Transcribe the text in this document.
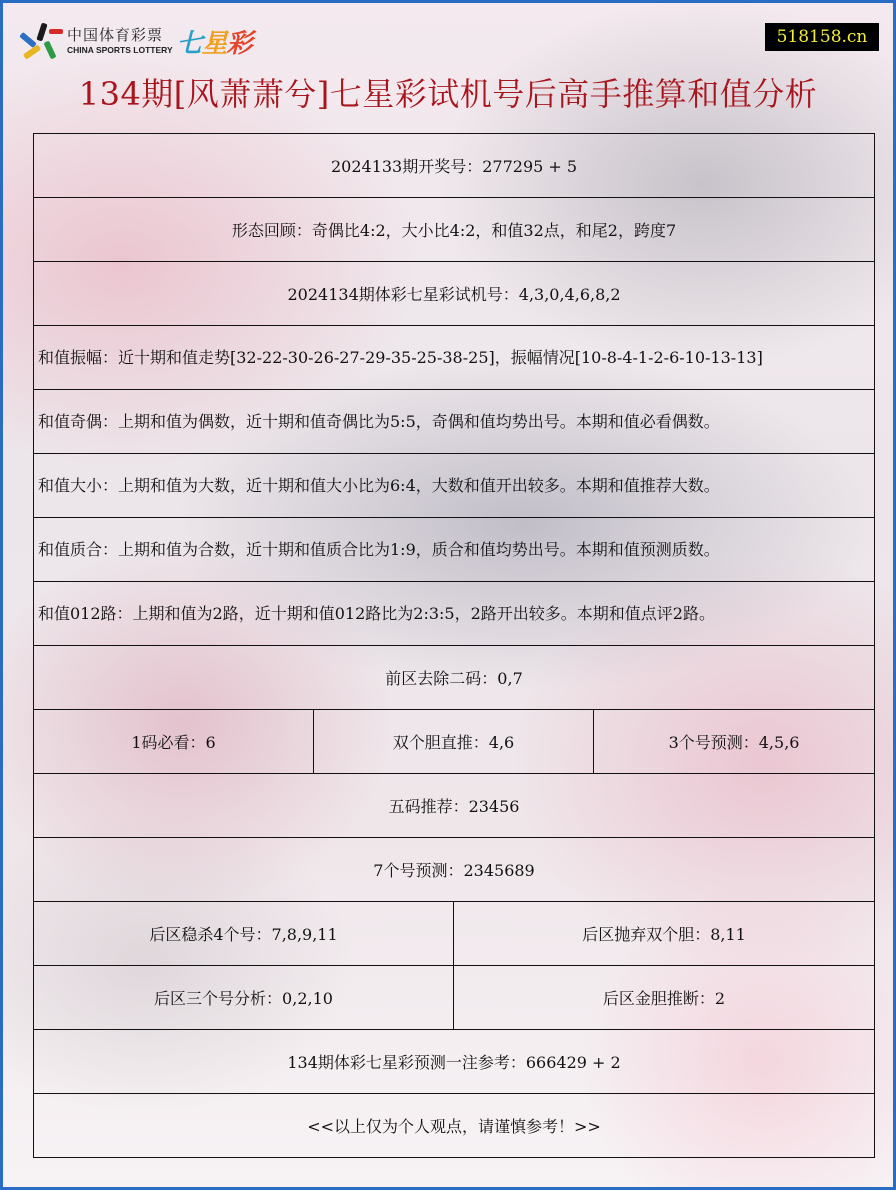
中国体育彩票
CHINA SPORTS LOTTERY 七星彩	518158.cn
134期[风萧萧兮]七星彩试机号后高手推算和值分析
2024133期开奖号：277295 + 5			
形态回顾：奇偶比4:2，大小比4:2，和值32点，和尾2，跨度7			
2024134期体彩七星彩试机号：4,3,0,4,6,8,2			
和值振幅：近十期和值走势[32-22-30-26-27-29-35-25-38-25]，振幅情况[10-8-4-1-2-6-10-13-13]			
和值奇偶：上期和值为偶数，近十期和值奇偶比为5:5，奇偶和值均势出号。本期和值必看偶数。			
和值大小：上期和值为大数，近十期和值大小比为6:4，大数和值开出较多。本期和值推荐大数。			
和值质合：上期和值为合数，近十期和值质合比为1:9，质合和值均势出号。本期和值预测质数。			
和值012路：上期和值为2路，近十期和值012路比为2:3:5，2路开出较多。本期和值点评2路。			
前区去除二码：0,7			
1码必看：6	双个胆直推：4,6		3个号预测：4,5,6
五码推荐：23456			
7个号预测：2345689			
后区稳杀4个号：7,8,9,11		后区抛弃双个胆：8,11	
后区三个号分析：0,2,10		后区金胆推断：2	
134期体彩七星彩预测一注参考：666429 + 2			
<<以上仅为个人观点，请谨慎参考！>>			
